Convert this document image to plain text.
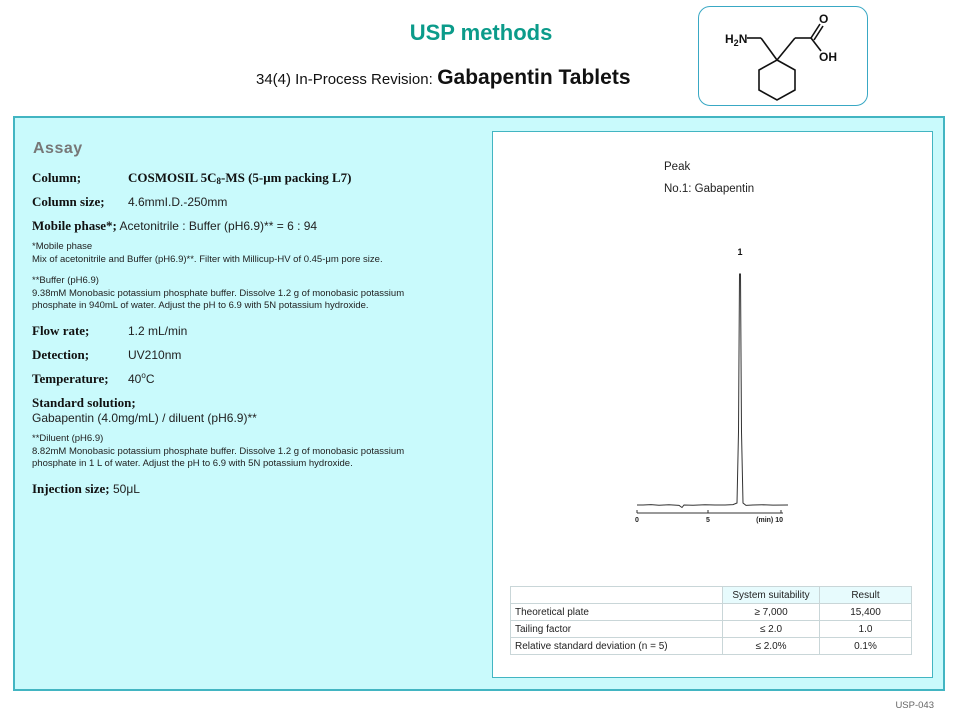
USP methods
34(4) In-Process Revision: Gabapentin Tablets
$H_2N$
O
OH
Assay
Column;	COSMOSIL $5C_8-MS$ (5-μm packing L7)
Column size; 4.6mmI.D.-250mm
Mobile phase*; Acetonitrile : Buffer (pH6.9)** = 6 : 94
*Mobile phase
Mix of acetonitrile and Buffer (pH6.9)**. Filter with Millicup-HV of 0.45-μm pore size.
**Buffer (pH6.9)
9.38mM Monobasic potassium phosphate buffer. Dissolve 1.2 g of monobasic potassium
phosphate in 940mL of water. Adjust the pH to 6.9 with 5N potassium hydroxide.
Flow rate;	1.2 mL/min
Detection;	UV210nm
Temperature; 40$^o$C
Standard solution;
Gabapentin (4.0mg/mL) / diluent (pH6.9)**
**Diluent (pH6.9)
8.82mM Monobasic potassium phosphate buffer. Dissolve 1.2 g of monobasic potassium
phosphate in 1 L of water. Adjust the pH to 6.9 with 5N potassium hydroxide.
Injection size; 50μL
Peak
No.1: Gabapentin
1
0	5	(min) 10
	System suitability	Result
Theoretical plate	≥ 7,000	15,400
Tailing factor	≤ 2.0	1.0
Relative standard deviation (n = 5)	≤ 2.0%	0.1%
USP-043
